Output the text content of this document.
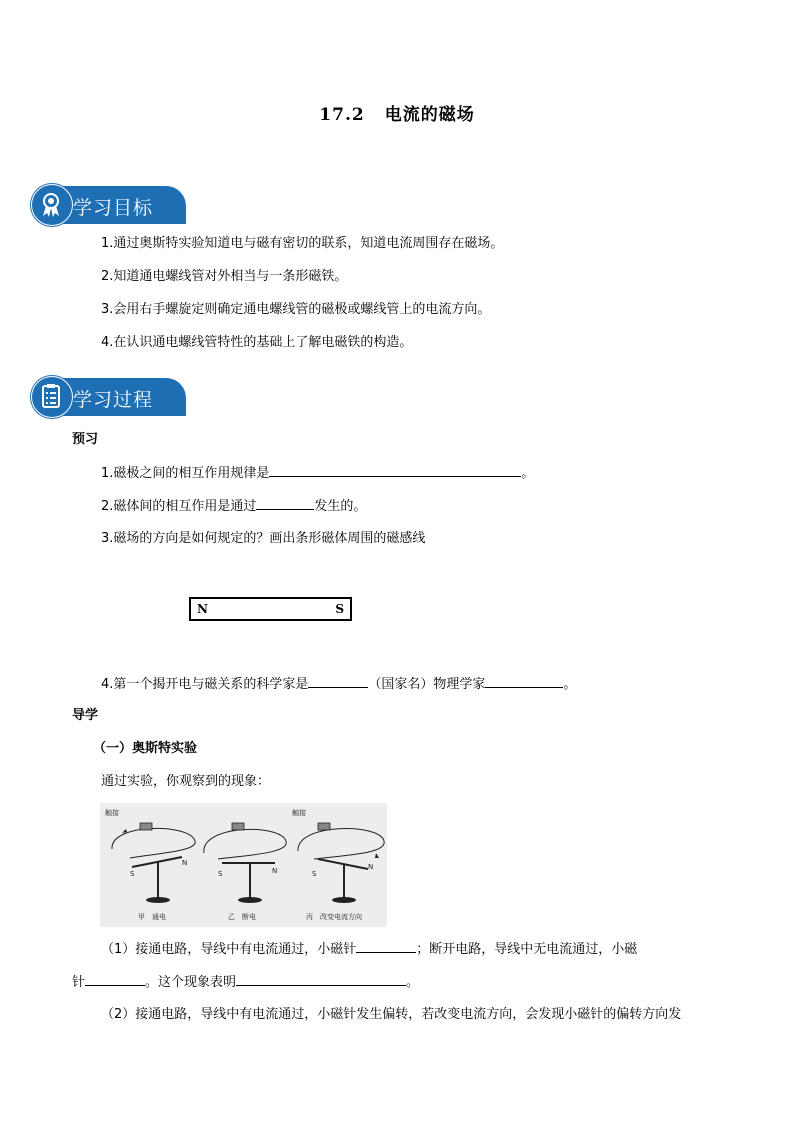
17.2 电流的磁场
学习目标
1.通过奥斯特实验知道电与磁有密切的联系，知道电流周围存在磁场。
2.知道通电螺线管对外相当与一条形磁铁。
3.会用右手螺旋定则确定通电螺线管的磁极或螺线管上的电流方向。
4.在认识通电螺线管特性的基础上了解电磁铁的构造。
学习过程
预习
1.磁极之间的相互作用规律是	。
2.磁体间的相互作用是通过	发生的。
3.磁场的方向是如何规定的？画出条形磁体周围的磁感线
N	S
4.第一个揭开电与磁关系的科学家是	（国家名）物理学家	。
导学
（一）奥斯特实验
通过实验，你观察到的现象：
触接
S
N
甲　通电
S	N
乙　断电
触接
S
N
丙　改变电流方向
（1）接通电路，导线中有电流通过，小磁针	；断开电路，导线中无电流通过，小磁
针	。这个现象表明	。
（2）接通电路，导线中有电流通过，小磁针发生偏转，若改变电流方向，会发现小磁针的偏转方向发
